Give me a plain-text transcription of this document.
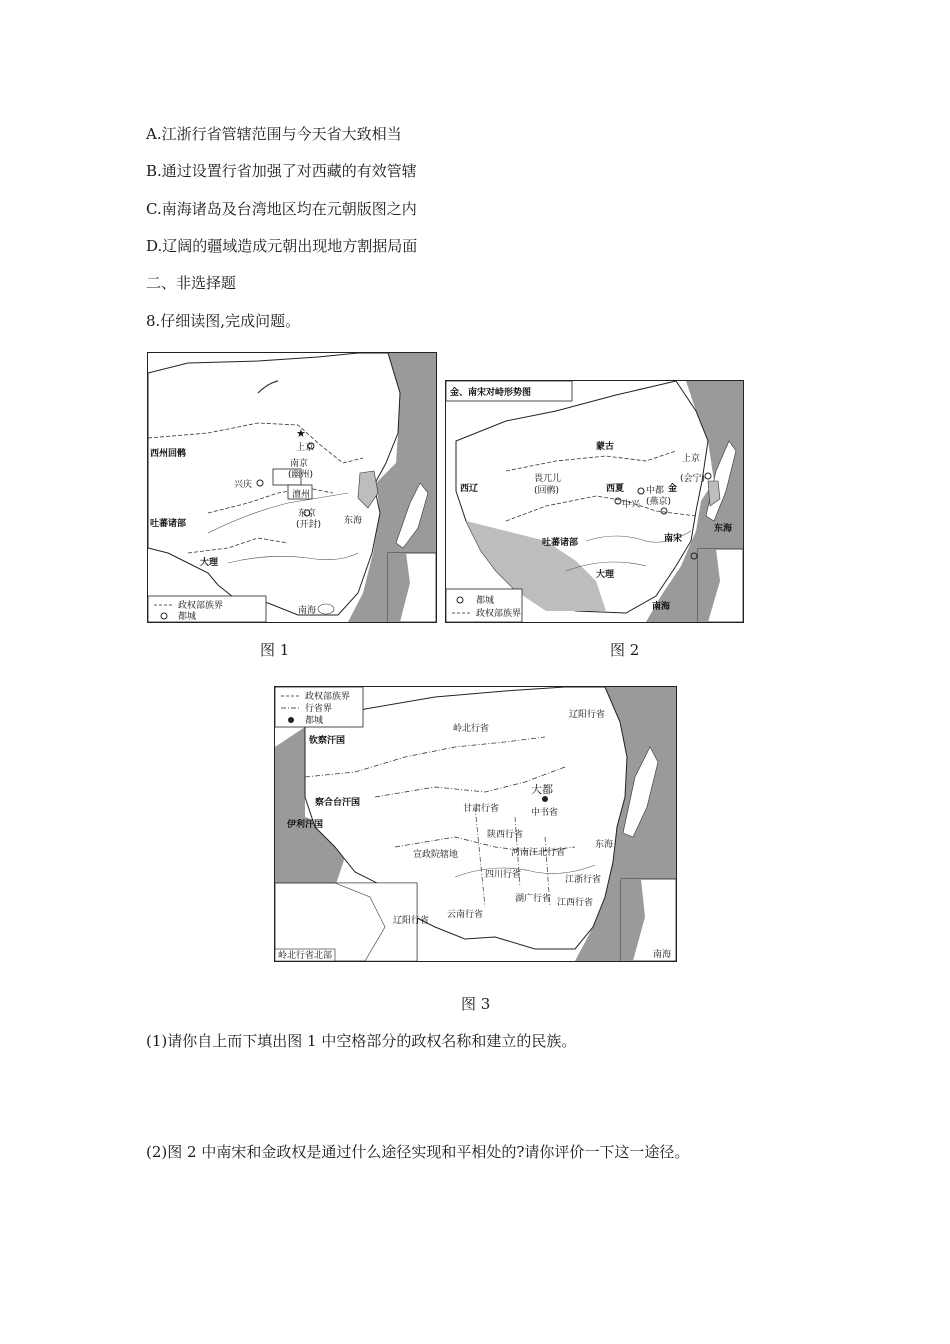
A.江浙行省管辖范围与今天省大致相当
B.通过设置行省加强了对西藏的有效管辖
C.南海诸岛及台湾地区均在元朝版图之内
D.辽阔的疆域造成元朝出现地方割据局面
二、非选择题
8.仔细读图,完成问题。
★
上京
西州回鹘
南京
(幽州)
兴庆
澶州
东京
(开封)
吐蕃诸部
大理
东海
南海
政权部族界
都城
图 1
金、南宋对峙形势图
蒙古
西辽	金
畏兀儿
(回鹘)	西夏
中兴
中都
(燕京)
上京
(会宁)
吐蕃诸部
大理
南宋
东海
南海
都城
政权部族界
图 2
钦察汗国
岭北行省
辽阳行省
察合台汗国
伊利汗国
甘肃行省
大都
中书省
宣政院辖地
陕西行省
河南江北行省
四川行省	江浙行省
湖广行省 江西行省
云南行省
东海
政权部族界
行省界
都城
辽阳行省
岭北行省北部	南海
图 3
(1)请你自上而下填出图 1 中空格部分的政权名称和建立的民族。
(2)图 2 中南宋和金政权是通过什么途径实现和平相处的?请你评价一下这一途径。
